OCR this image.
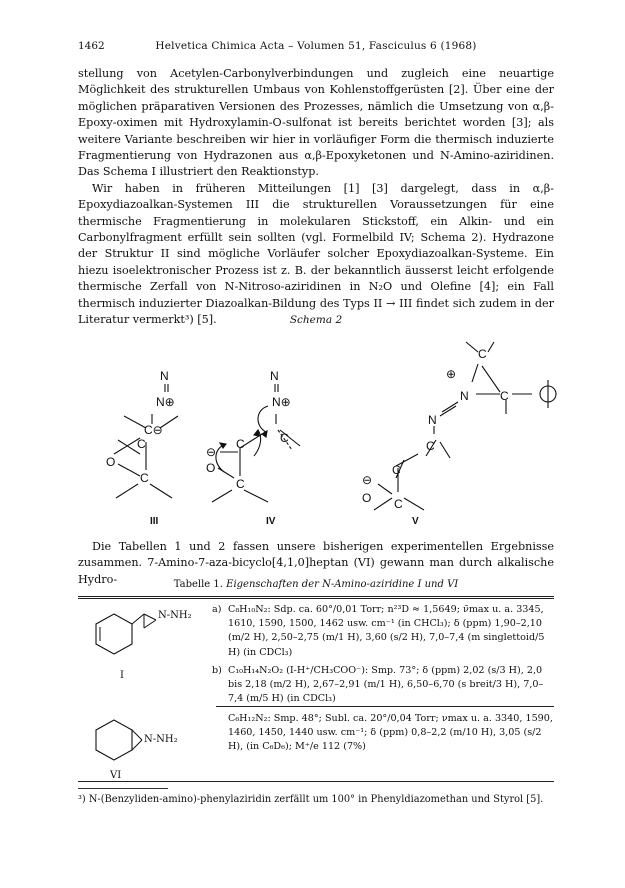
1462	Helvetica Chimica Acta – Volumen 51, Fasciculus 6 (1968)

stellung von Acetylen-Carbonylverbindungen und zugleich eine neuartige Möglichkeit des strukturellen Umbaus von Kohlenstoffgerüsten [2]. Über eine der möglichen präparativen Versionen des Prozesses, nämlich die Umsetzung von α,β-Epoxy-oximen mit Hydroxylamin-O-sulfonat ist bereits berichtet worden [3]; als weitere Variante beschreiben wir hier in vorläufiger Form die thermisch induzierte Fragmentierung von Hydrazonen aus α,β-Epoxyketonen und N-Amino-aziridinen. Das Schema I illustriert den Reaktionstyp.

Wir haben in früheren Mitteilungen [1] [3] dargelegt, dass in α,β-Epoxydiazoalkan-Systemen III die strukturellen Voraussetzungen für eine thermische Fragmentierung in molekularen Stickstoff, ein Alkin- und ein Carbonylfragment erfüllt sein sollten (vgl. Formelbild IV; Schema 2). Hydrazone der Struktur II sind mögliche Vorläufer solcher Epoxydiazoalkan-Systeme. Ein hiezu isoelektronischer Prozess ist z. B. der bekanntlich äusserst leicht erfolgende thermische Zerfall von N-Nitroso-aziridinen in N₂O und Olefine [4]; ein Fall thermisch induzierter Diazoalkan-Bildung des Typs II → III findet sich zudem in der Literatur vermerkt³) [5].	Schema 2
N
N⊕
C⊖
C
O
C
N
N⊕
C
C
⊖
O
C
C
⊕
N	C
N
C
C
⊖
O C
III	IV	V

Die Tabellen 1 und 2 fassen unsere bisherigen experimentellen Ergebnisse zusammen. 7-Amino-7-aza-bicyclo[4,1,0]heptan (VI) gewann man durch alkalische Hydro-	Tabelle 1. Eigenschaften der N-Amino-aziridine I und VI
N-NH₂
I
a) C₈H₁₀N₂: Sdp. ca. 60°/0,01 Torr; n²³D ≈ 1,5649; ν̃max u. a. 3345, 1610, 1590, 1500, 1462 usw. cm⁻¹ (in CHCl₃); δ (ppm) 1,90–2,10 (m/2 H), 2,50–2,75 (m/1 H), 3,60 (s/2 H), 7,0–7,4 (m singlettoid/5 H) (in CDCl₃)
b) C₁₀H₁₄N₂O₂ (I-H⁺/CH₃COO⁻): Smp. 73°; δ (ppm) 2,02 (s/3 H), 2,0 bis 2,18 (m/2 H), 2,67–2,91 (m/1 H), 6,50–6,70 (s breit/3 H), 7,0–7,4 (m/5 H) (in CDCl₃)
N-NH₂
VI
C₆H₁₂N₂: Smp. 48°; Subl. ca. 20°/0,04 Torr; νmax u. a. 3340, 1590, 1460, 1450, 1440 usw. cm⁻¹; δ (ppm) 0,8–2,2 (m/10 H), 3,05 (s/2 H), (in C₆D₆); M⁺/e 112 (7%)
³) N-(Benzyliden-amino)-phenylaziridin zerfällt um 100° in Phenyldiazomethan und Styrol [5].
